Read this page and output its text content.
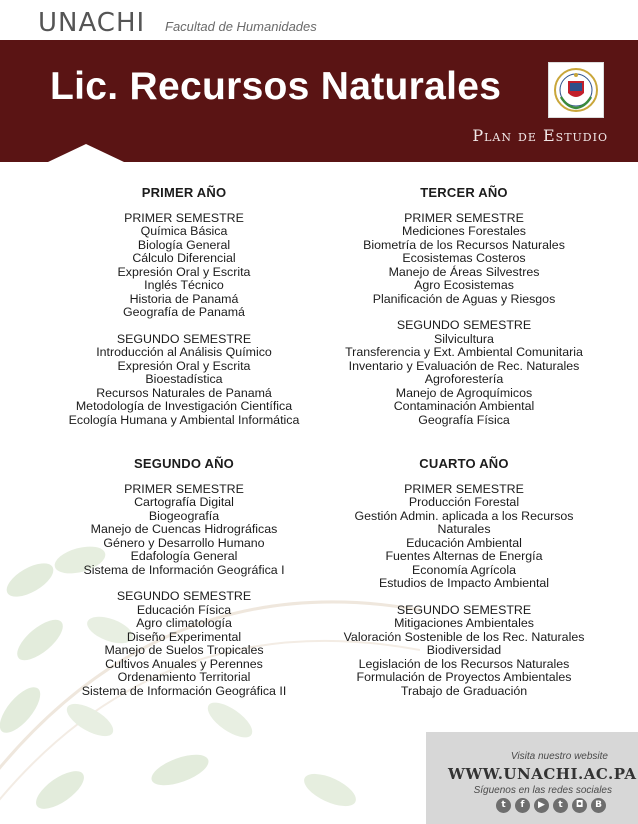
UNACHI Facultad de Humanidades
Lic. Recursos Naturales
Plan de Estudio
PRIMER AÑO
PRIMER SEMESTRE
Química Básica
Biología General
Cálculo Diferencial
Expresión Oral y Escrita
Inglés Técnico
Historia de Panamá
Geografía de Panamá
SEGUNDO SEMESTRE
Introducción al Análisis Químico
Expresión Oral y Escrita
Bioestadística
Recursos Naturales de Panamá
Metodología de Investigación Científica
Ecología Humana y Ambiental Informática
TERCER AÑO
PRIMER SEMESTRE
Mediciones Forestales
Biometría de los Recursos Naturales
Ecosistemas Costeros
Manejo de Áreas Silvestres
Agro Ecosistemas
Planificación de Aguas y Riesgos
SEGUNDO SEMESTRE
Silvicultura
Transferencia y Ext. Ambiental Comunitaria
Inventario y Evaluación de Rec. Naturales
Agroforestería
Manejo de Agroquímicos
Contaminación Ambiental
Geografía Física
SEGUNDO AÑO
PRIMER SEMESTRE
Cartografía Digital
Biogeografía
Manejo de Cuencas Hidrográficas
Género y Desarrollo Humano
Edafología General
Sistema de Información Geográfica I
SEGUNDO SEMESTRE
Educación Física
Agro climatología
Diseño Experimental
Manejo de Suelos Tropicales
Cultivos Anuales y Perennes
Ordenamiento Territorial
Sistema de Información Geográfica II
CUARTO AÑO
PRIMER SEMESTRE
Producción Forestal
Gestión Admin. aplicada a los Recursos
Naturales
Educación Ambiental
Fuentes Alternas de Energía
Economía Agrícola
Estudios de Impacto Ambiental
SEGUNDO SEMESTRE
Mitigaciones Ambientales
Valoración Sostenible de los Rec. Naturales
Biodiversidad
Legislación de los Recursos Naturales
Formulación de Proyectos Ambientales
Trabajo de Graduación
Visita nuestro website
WWW.UNACHI.AC.PA
Síguenos en las redes sociales
t	f	▶	t	◘	B
